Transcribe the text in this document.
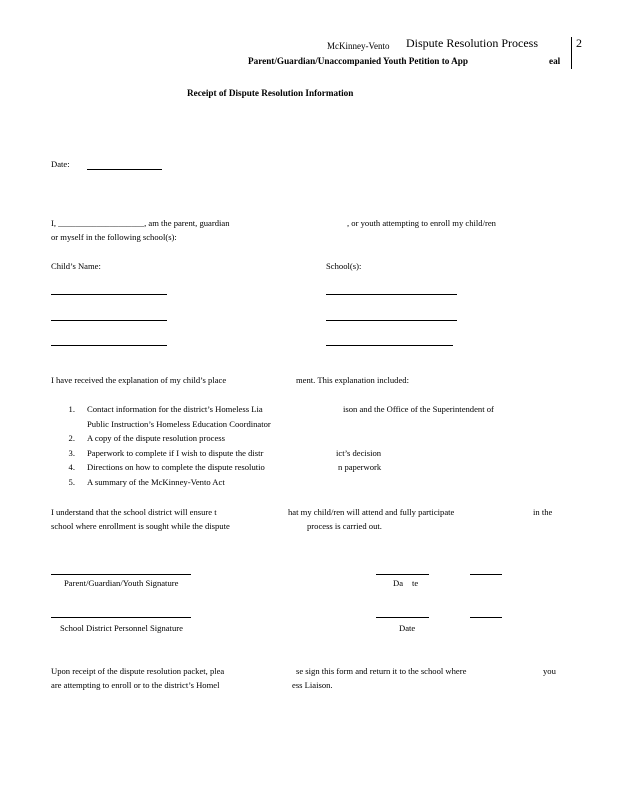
McKinney-Vento Dispute Resolution Process	2
Parent/Guardian/Unaccompanied Youth Petition to App	eal
Receipt of Dispute Resolution Information
Date:
I, ____________________, am the parent, guardian	, or youth attempting to enroll my child/ren
or myself in the following school(s):
Child’s Name:	School(s):
I have received the explanation of my child’s place	ment. This explanation included:
1. Contact information for the district’s Homeless Lia	ison and the Office of the Superintendent of
Public Instruction’s Homeless Education Coordinator
2. A copy of the dispute resolution process
3. Paperwork to complete if I wish to dispute the distr	ict’s decision
4. Directions on how to complete the dispute resolutio	n paperwork
5. A summary of the McKinney-Vento Act
I understand that the school district will ensure t	hat my child/ren will attend and fully participate	in the
school where enrollment is sought while the dispute	process is carried out.
Parent/Guardian/Youth Signature	Da te
School District Personnel Signature	Date
Upon receipt of the dispute resolution packet, plea	se sign this form and return it to the school where	you
are attempting to enroll or to the district’s Homel	ess Liaison.
